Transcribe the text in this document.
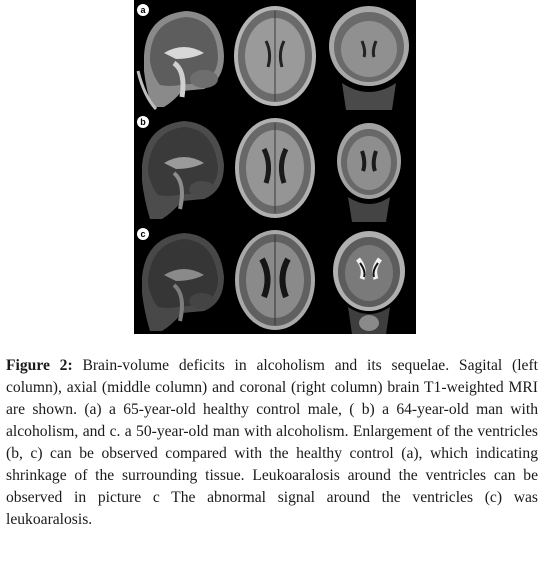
a
b
c

Figure 2: Brain-volume deficits in alcoholism and its sequelae. Sagital (left column), axial (middle column) and coronal (right column) brain T1-weighted MRI are shown. (a) a 65-year-old healthy control male, ( b) a 64-year-old man with alcoholism, and c. a 50-year-old man with alcoholism. Enlargement of the ventricles (b, c) can be observed compared with the healthy control (a), which indicating shrinkage of the surrounding tissue. Leukoaralosis around the ventricles can be observed in picture c The abnormal signal around the ventricles (c) was leukoaralosis.
